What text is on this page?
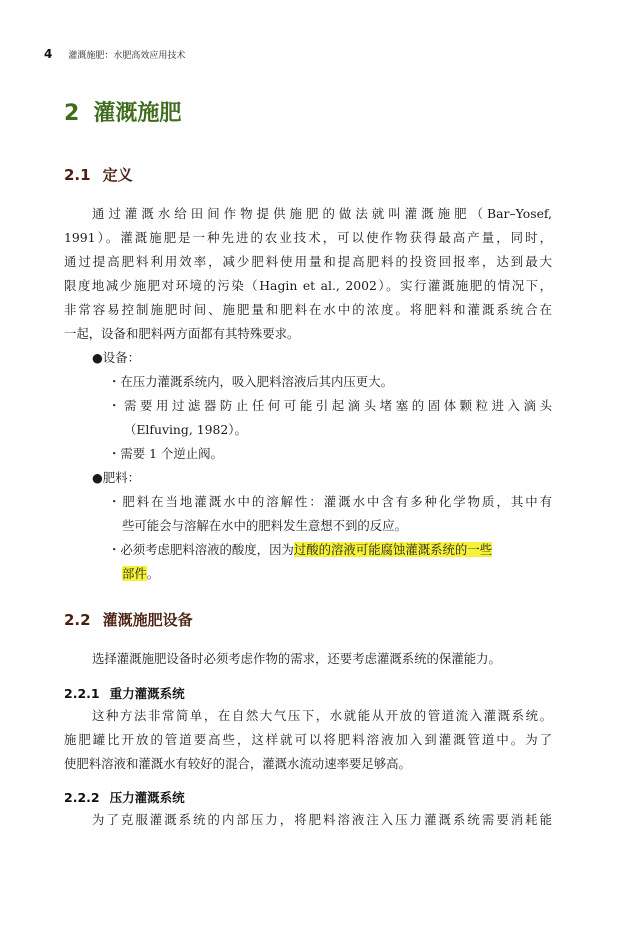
4 灌溉施肥：水肥高效应用技术
2 灌溉施肥
2.1 定义
通过灌溉水给田间作物提供施肥的做法就叫灌溉施肥（Bar–Yosef,
1991）。灌溉施肥是一种先进的农业技术，可以使作物获得最高产量，同时，
通过提高肥料利用效率，减少肥料使用量和提高肥料的投资回报率，达到最大
限度地减少施肥对环境的污染（Hagin et al., 2002）。实行灌溉施肥的情况下，
非常容易控制施肥时间、施肥量和肥料在水中的浓度。将肥料和灌溉系统合在
一起，设备和肥料两方面都有其特殊要求。
●设备：
・在压力灌溉系统内，吸入肥料溶液后其内压更大。
・需要用过滤器防止任何可能引起滴头堵塞的固体颗粒进入滴头
（Elfuving, 1982）。
・需要 1 个逆止阀。
●肥料：
・肥料在当地灌溉水中的溶解性：灌溉水中含有多种化学物质，其中有
些可能会与溶解在水中的肥料发生意想不到的反应。
・必须考虑肥料溶液的酸度，因为过酸的溶液可能腐蚀灌溉系统的一些
部件。
2.2 灌溉施肥设备
选择灌溉施肥设备时必须考虑作物的需求，还要考虑灌溉系统的保灌能力。
2.2.1 重力灌溉系统
这种方法非常简单，在自然大气压下，水就能从开放的管道流入灌溉系统。
施肥罐比开放的管道要高些，这样就可以将肥料溶液加入到灌溉管道中。为了
使肥料溶液和灌溉水有较好的混合，灌溉水流动速率要足够高。
2.2.2 压力灌溉系统
为了克服灌溉系统的内部压力，将肥料溶液注入压力灌溉系统需要消耗能
